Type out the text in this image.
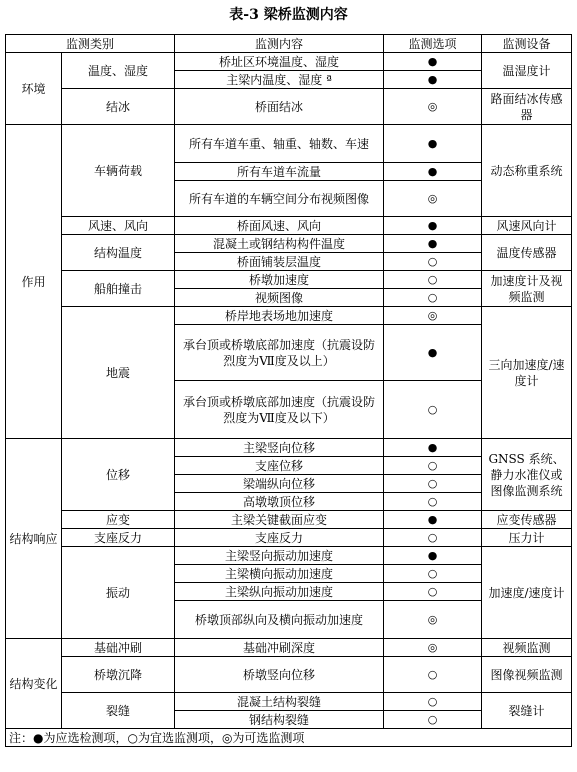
表-3 梁桥监测内容
监测类别		监测内容	监测选项	监测设备
环境	温度、湿度	桥址区环境温度、湿度	●	温湿度计
		主梁内温度、湿度 ª	●	
	结冰	桥面结冰	◎	路面结冰传感器
作用	车辆荷载	所有车道车重、轴重、轴数、车速	●	动态称重系统
		所有车道车流量	●	
		所有车道的车辆空间分布视频图像	◎	
	风速、风向	桥面风速、风向	●	风速风向计
	结构温度	混凝土或钢结构构件温度	●	温度传感器
		桥面铺装层温度	○	
	船舶撞击	桥墩加速度	○	加速度计及视频监测
		视频图像	○	
	地震	桥岸地表场地加速度	◎	三向加速度/速度计
		承台顶或桥墩底部加速度（抗震设防烈度为Ⅶ度及以上）	●	
		承台顶或桥墩底部加速度（抗震设防烈度为Ⅶ度及以下）	○	
结构响应	位移	主梁竖向位移	●	GNSS 系统、静力水准仪或图像监测系统
		支座位移	○	
		梁端纵向位移	○	
		高墩墩顶位移	○	
	应变	主梁关键截面应变	●	应变传感器
	支座反力	支座反力	○	压力计
	振动	主梁竖向振动加速度	●	加速度/速度计
		主梁横向振动加速度	○	
		主梁纵向振动加速度	○	
		桥墩顶部纵向及横向振动加速度	◎	
结构变化	基础冲刷	基础冲刷深度	◎	视频监测
	桥墩沉降	桥墩竖向位移	○	图像视频监测
	裂缝	混凝土结构裂缝	○	裂缝计
		钢结构裂缝	○	
注：●为应选检测项，○为宜选监测项，◎为可选监测项				
